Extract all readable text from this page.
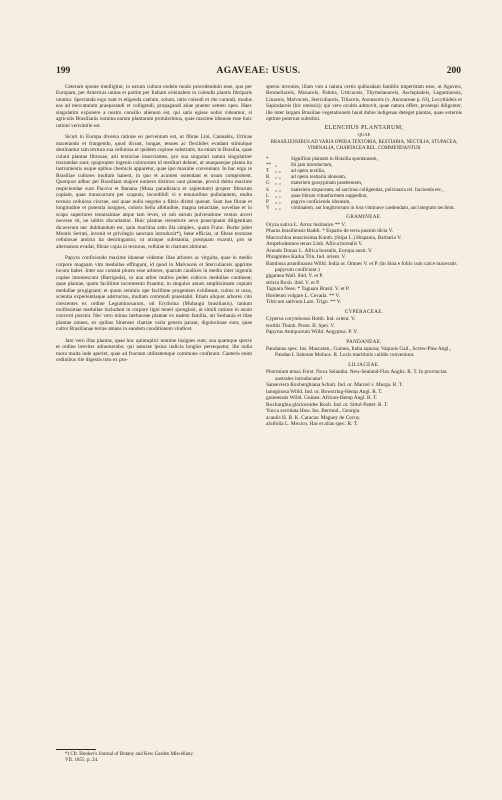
199	AGAVEAE: USUS.	200

Ceterum sponte intelligitur, in earum cultura eodem modo procedendum esse, quo per Europam, per Americas unitas et partim per Indiam orientalem in colendis plantis fibriparis utuntur. Spectanda ergo sunt et eligenda caelum, solum, ratio colendi et rite curandi, modus eas ad mercaturam praeparandi et colligendi, propagandi aliae praeter semen opes. Haec singulatim exponere a nostro consilio alienum est, qui satis egisse nobis videamur, si agricolis Brasilianis nomina earum plantarum protulerimus, quae maxime idoneae esse huic rationi verisimile est.

Sicuti in Europa diversa ratione eo perventum est, ut fibrae Lini, Cannabis, Urticae macerando et frangendo, quod dicunt, longae, tenues ac flexibiles evadant stimulque destinantur tam textura sua cellulosa et quidem copiose substratis, ita etiam in Brasilia, quae colunt plantae fibrosae, arti textoriae inserviantes, pro sua singulari natura singulariter tractandae sunt; quapropter ingenio colonorum id meditari debent, ut unaquaeque planta ita instrumentis usque opibus chemicis apparetur, quae ipsi maxime conveniant. In hac ergo re Brasiliae cultores multum habent, in quo et acumen ostendant et usum comprobent. Quotquot adhuc per Brasiliam majore numero distinxe sunt plantae, procul dubio maxime respiciendae sunt Pacova et Banana (Musa paradisiaca et sapientum) propter fibrarum copiam, quae transcurrunt per scapum, incredibili vi e tenuioribus pullulantem, multa textura cellulosa cinctae, sed quae nullo negotio a fibris dirimi queunt. Sunt hae fibrae et longitudine et potentia insignes, coloris bella albitudine, magna tenacitate, novellae et in scapo superiores tenuissimae atque tam leves, ut sub earum pulveratione ventos arceri necesse sit, ne subito discutiantur. Huic plantae recentiore aevo praecipuam diligentiam dicaverunt nec dubitandum est, quin machina satis illa simplex, quam Franc. Burke jubet Montis Serrati, invenit et privilegio sanctam introduxit*), bene efficiat, ut fibrae texturae cellulosae amicta ita destringantur, ut utraque substantia, postquam exaruit, pro se alternatura evadat, fibrae copia in texturas, cellulae in chartam abiturae.

Papyro conficiendo maxime idoneae videntur illae arbores ac virgulta, quae in medio corpore magnam vim medullae effingunt, id quod in Malvaceis et Sterculiaceis apprime locum habet. Inter eas constat plures esse arbores, quarum caudices in medio inter ingentis copiae intumescunt (Barriguda), ut una arbor multos pedes cubicos medullae contineat; quae plantae, quum facillime incremento fruantur, in singulos annos amplissimam copiam medullae progignant; et quum seminis ope facillime progeniem exhibeant, cultus et usus, scientia experientiaque adstructus, multam commodi praestabit. Etiam aliquot arbores cito crescentes ex ordine Leguminosarum, uti Erythrina (Mulungú brasilianis), tantum mollissimae medullae includunt in corpore ligni teneri spongiosi, ut simili ratione in usum converti possint. Nec vero minus herbaceae plantae ex eadem familia, uti Sesbania et illae plantae omnes, ex quibus Sinenses chartae varia genera parant, dignissimae sunt, quae cultor Brasilianae terrae amans in eandem conditionem vindicet.

Jam vero illas plantas, quae hoc quintuplici nomine insignes sunt, sua quamque specie et ordine breviter adnumerabo; qui naturae ipsius indicia longius persequetur, ille nulla mora multa inde aperiet, quae ad fructum utilitatemque commune conferant. Caeteris enim ordinibus rite digestis toto ex pro-

*) Cfr. Hooker's Journal of Botany and Kew Garden Miscellany.
VII. 1855. p. 24.

spectu invenies, illam vim a natura certis quibusdam familiis impertitam esse, ut Agaveis, Bromeliaceis, Musaceis, Palmis, Urticaceis, Thymelaeaceis, Asclepiadeis, Leguminosis, Linaceis, Malvaceis, Sterculiaceis, Tiliaceis, Anonaceis (v. Anonaceae p. 63), Lecythideis et Sapindaceis (hic omissis); qui vero ocultis admovit, quae natura offert, prosequi diligenter, ille inter largam Brasiliae vegetationem haud dubie indigenas deteget plantas, quae externis optime poterunt substitui.

ELENCHUS PLANTARUM,
QUAE
BRASILIENSIBUS AD VARIA OPERA TEXTORIA, RESTIARIA, NECTILIA, STUPACEA, VIMINALIA, CHARTACEA REL. COMMENDANTUR
*	Significat plantam in Brasilia spontaneam,
** „	ibi jam introductam,
T	„ „	ad opera textilia,
R	„ „	ad opera restiaria idoneam,
G	„ „	materiem gossypinam praebentem,
S	„ „	materiem stupaceam, ad sarcinas colligendas, pulvinaria rel. farcienda etc.,
L	„ „	quae librum vittaeformem suppeditat,
P	„ „	papyro conficiendo idoneam,
V	„ „	viminalem, aut longitrorsum in lora viminave caedendam, aut integram necilem.
GRAMINEAE.
Oryza sativa L. Arroz lusitanice ** V.
Pharus brasiliensis Raddi. * Esparto de terra passim dicta V.
Macrochloa tenacissima Kunth. (Stipa L.) Hispania, Barbaria V.
Ampelodesmos tenax Link. Africa borealis V.
Arundo Donax L. Africa borealis, Europa austr. V.
Phragmites Karka Trin. Ind. orient. V.
Bambusa arundinacea Willd. India or. Omnes V. et P. (In Sina e foliis cum calce maceratis papyrum conficiunt.)
gigantea Wall. ibid. V. et P.
stricta Roxb. ibid. V. et P.
Taguara Nees. * Taguara Brasil. V. et P.
Hordeum vulgare L. Cevada. ** V.
Triticum sativum Lam. Trigo. ** V.
CYPERACEAE.
Cyperus corymbosus Rottb. Ind. orient. V.
textilis Thunb. Prom. B. Spei. V.
Papyrus Antiquorum Willd. Aegyptus. P. V.
PANDANEAE.
Pandanus spec. Ins. Mascaren., Guinea, India aquosa; Vaquois Gall., Screw-Pine Angl., Pandan L Sabotan Moluce. R. Locis maritimis calidis conveniunt.
LILIACEAE.
Phormium tenax Forst. Nova Selandia. New-Sealand-Flax Anglis. R. T. In provincias australes introducatur!
Sanseviera Roxburghiana Schult. Ind. or. Marool v. Murga. R. T.
lanuginosa Willd. Ind. or. Bowstring-Hemp Angl. R. T.
guineensis Willd. Guinea: African-Hemp Angl. R. T.
Roxburghia gloriosoides Roxb. Ind. or. Sittul-Patter. R. T.
Yucca serrulata Haw. Ins. Bermud., Georgia.
acaulis H. B. K. Caracas: Maguey de Cocuy.
aloifolia L. Mexico. Has et alias spec. R. T.
